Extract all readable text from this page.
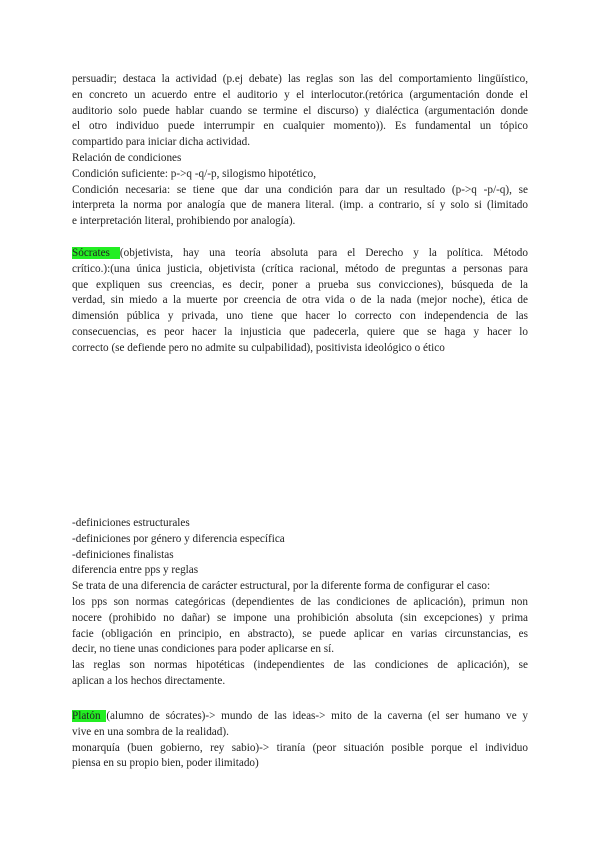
persuadir; destaca la actividad (p.ej debate) las reglas son las del comportamiento lingüístico,
en concreto un acuerdo entre el auditorio y el interlocutor.(retórica (argumentación donde el
auditorio solo puede hablar cuando se termine el discurso) y dialéctica (argumentación donde
el otro individuo puede interrumpir en cualquier momento)). Es fundamental un tópico
compartido para iniciar dicha actividad.
Relación de condiciones
Condición suficiente: p->q -q/-p, silogismo hipotético,
Condición necesaria: se tiene que dar una condición para dar un resultado (p->q -p/-q), se
interpreta la norma por analogía que de manera literal. (imp. a contrario, sí y solo si (limitado
e interpretación literal, prohibiendo por analogía).
Sócrates (objetivista, hay una teoría absoluta para el Derecho y la política. Método
crítico.):(una única justicia, objetivista (crítica racional, método de preguntas a personas para
que expliquen sus creencias, es decir, poner a prueba sus convicciones), búsqueda de la
verdad, sin miedo a la muerte por creencia de otra vida o de la nada (mejor noche), ética de
dimensión pública y privada, uno tiene que hacer lo correcto con independencia de las
consecuencias, es peor hacer la injusticia que padecerla, quiere que se haga y hacer lo
correcto (se defiende pero no admite su culpabilidad), positivista ideológico o ético
-definiciones estructurales
-definiciones por género y diferencia específica
-definiciones finalistas
diferencia entre pps y reglas
Se trata de una diferencia de carácter estructural, por la diferente forma de configurar el caso:
los pps son normas categóricas (dependientes de las condiciones de aplicación), primun non
nocere (prohibido no dañar) se impone una prohibición absoluta (sin excepciones) y prima
facie (obligación en principio, en abstracto), se puede aplicar en varias circunstancias, es
decir, no tiene unas condiciones para poder aplicarse en sí.
las reglas son normas hipotéticas (independientes de las condiciones de aplicación), se
aplican a los hechos directamente.
Platón (alumno de sócrates)-> mundo de las ideas-> mito de la caverna (el ser humano ve y
vive en una sombra de la realidad).
monarquía (buen gobierno, rey sabio)-> tiranía (peor situación posible porque el individuo
piensa en su propio bien, poder ilimitado)
